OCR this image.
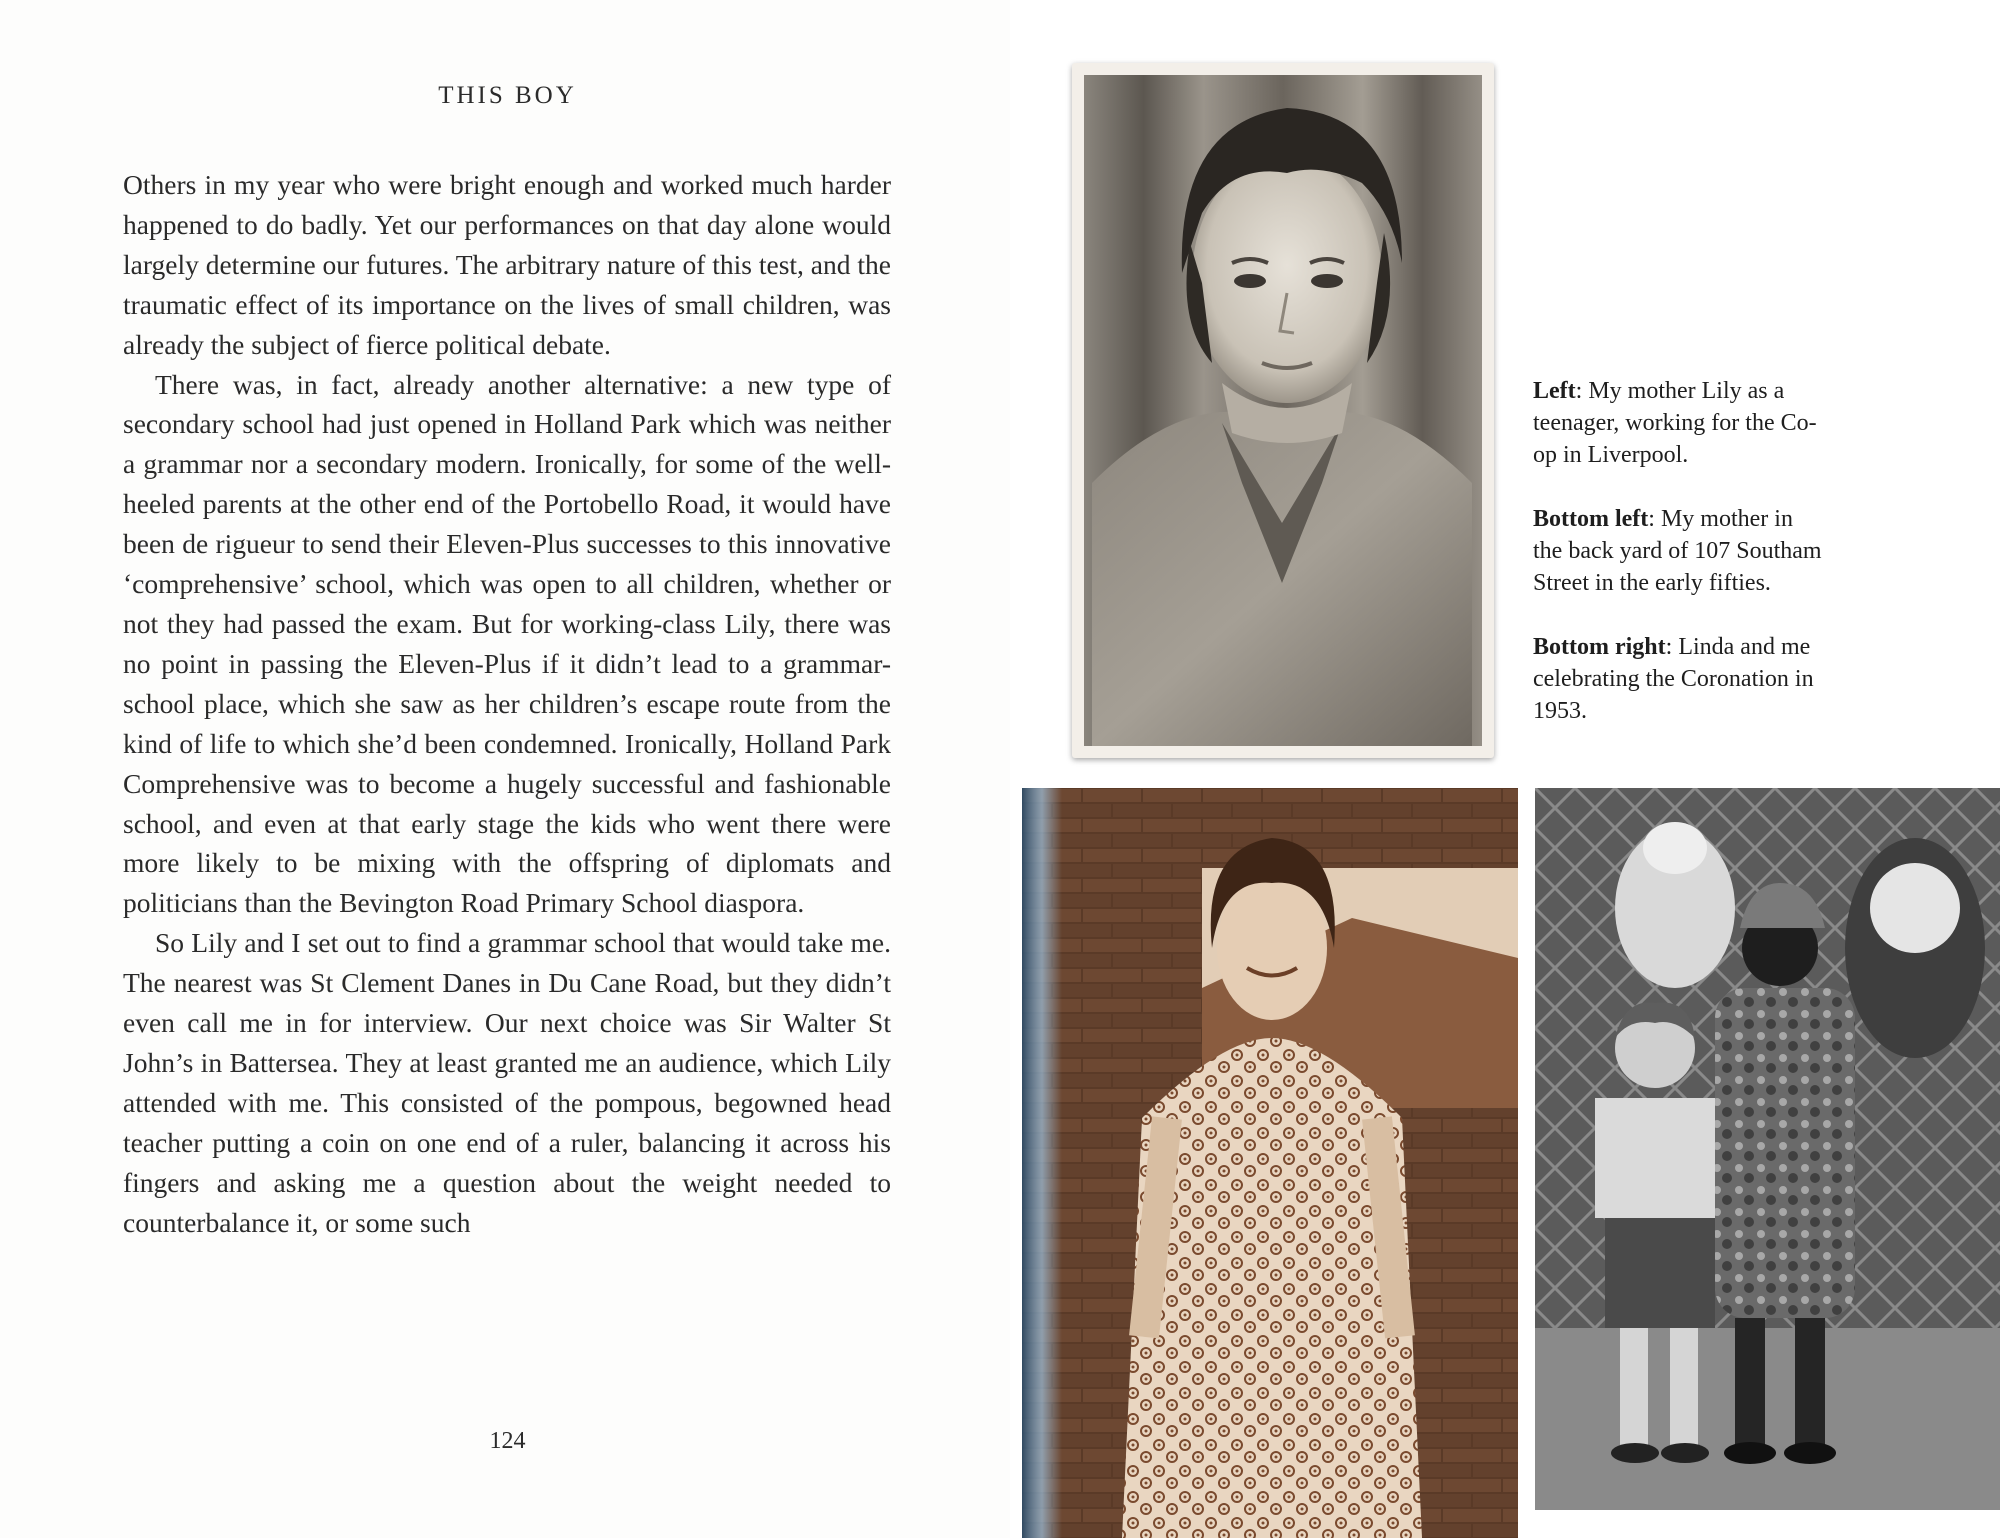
THIS BOY

Others in my year who were bright enough and worked much harder happened to do badly. Yet our performances on that day alone would largely determine our futures. The arbitrary nature of this test, and the traumatic effect of its importance on the lives of small children, was already the subject of fierce political debate.

There was, in fact, already another alternative: a new type of secondary school had just opened in Holland Park which was neither a grammar nor a secondary modern. Ironically, for some of the well-heeled parents at the other end of the Portobello Road, it would have been de rigueur to send their Eleven-Plus successes to this innovative ‘comprehensive’ school, which was open to all children, whether or not they had passed the exam. But for working-class Lily, there was no point in passing the Eleven-Plus if it didn’t lead to a grammar-school place, which she saw as her children’s escape route from the kind of life to which she’d been condemned. Ironically, Holland Park Comprehensive was to become a hugely successful and fashionable school, and even at that early stage the kids who went there were more likely to be mixing with the offspring of diplomats and politicians than the Bevington Road Primary School diaspora.

So Lily and I set out to find a grammar school that would take me. The nearest was St Clement Danes in Du Cane Road, but they didn’t even call me in for interview. Our next choice was Sir Walter St John’s in Battersea. They at least granted me an audience, which Lily attended with me. This consisted of the pompous, begowned head teacher putting a coin on one end of a ruler, balancing it across his fingers and asking me a question about the weight needed to counterbalance it, or some such

124

Left: My mother Lily as a teenager, working for the Co-op in Liverpool.

Bottom left: My mother in the back yard of 107 Southam Street in the early fifties.

Bottom right: Linda and me celebrating the Coronation in 1953.
